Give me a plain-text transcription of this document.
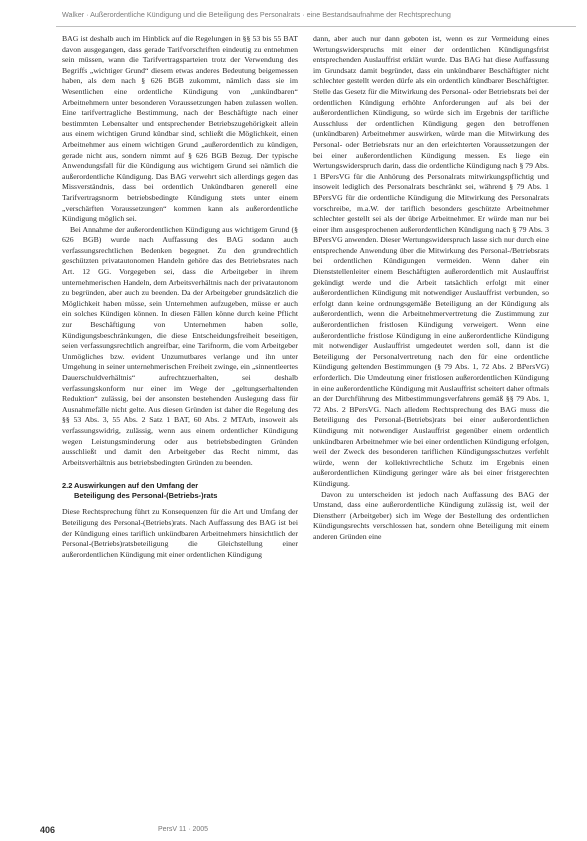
Walker · Außerordentliche Kündigung und die Beteiligung des Personalrats · eine Bestandsaufnahme der Rechtsprechung

BAG ist deshalb auch im Hinblick auf die Regelungen in §§ 53 bis 55 BAT davon ausgegangen, dass gerade Tarifvorschriften eindeutig zu entnehmen sein müssen, wann die Tarifvertragsparteien trotz der Verwendung des Begriffs „wichtiger Grund“ diesem etwas anderes Bedeutung beigemessen haben, als dem nach § 626 BGB zukommt, nämlich dass sie im Wesentlichen eine ordentliche Kündigung von „unkündbaren“ Arbeitnehmern unter besonderen Voraussetzungen haben zulassen wollen. Eine tarifvertragliche Bestimmung, nach der Beschäftigte nach einer bestimmten Lebensalter und entsprechender Betriebszugehörigkeit allein aus einem wichtigen Grund kündbar sind, schließt die Möglichkeit, einen Arbeitnehmer aus einem wichtigen Grund „außerordentlich zu kündigen, gerade nicht aus, sondern nimmt auf § 626 BGB Bezug. Der typische Anwendungsfall für die Kündigung aus wichtigem Grund sei nämlich die außerordentliche Kündigung. Das BAG verwehrt sich allerdings gegen das Missverständnis, dass bei ordentlich Unkündbaren generell eine Tarifvertragsnorm betriebsbedingte Kündigung stets unter einem „verschärften Voraussetzungen“ kommen kann als außerordentliche Kündigung möglich sei.

Bei Annahme der außerordentlichen Kündigung aus wichtigem Grund (§ 626 BGB) wurde nach Auffassung des BAG sodann auch verfassungsrechtlichen Bedenken begegnet. Zu den grundrechtlich geschützten privatautonomen Handeln gehöre das des Betriebsrates nach Art. 12 GG. Vorgegeben sei, dass die Arbeitgeber in ihrem unternehmerischen Handeln, dem Arbeitsverhältnis nach der privatautonom zu begründen, aber auch zu beenden. Da der Arbeitgeber grundsätzlich die Möglichkeit haben müsse, sein Unternehmen aufzugeben, müsse er auch ein solches Kündigen können. In diesen Fällen könne durch keine Pflicht zur Beschäftigung von Unternehmen haben solle, Kündigungsbeschränkungen, die diese Entscheidungsfreiheit beseitigen, seien verfassungsrechtlich angreifbar, eine Tarifnorm, die vom Arbeitgeber Unmögliches bzw. evident Unzumutbares verlange und ihn unter Umgehung in seiner unternehmerischen Freiheit zwinge, ein „sinnentleertes Dauerschuldverhältnis“ aufrechtzuerhalten, sei deshalb verfassungskonform nur einer im Wege der „geltungserhaltenden Reduktion“ zulässig, bei der ansonsten bestehenden Auslegung dass für Ausnahmefälle nicht gelte. Aus diesen Gründen ist daher die Regelung des §§ 53 Abs. 3, 55 Abs. 2 Satz 1 BAT, 60 Abs. 2 MTArb, insoweit als verfassungswidrig, zulässig, wenn aus einem ordentlicher Kündigung wegen Leistungsminderung oder aus betriebsbedingten Gründen ausschließt und damit den Arbeitgeber das Recht nimmt, das Arbeitsverhältnis aus betriebsbedingten Gründen zu beenden.

2.2 Auswirkungen auf den Umfang der
Beteiligung des Personal-(Betriebs-)rats

Diese Rechtsprechung führt zu Konsequenzen für die Art und Umfang der Beteiligung des Personal-(Betriebs)rats. Nach Auffassung des BAG ist bei der Kündigung eines tariflich unkündbaren Arbeitnehmers hinsichtlich der Personal-(Betriebs)ratsbeteiligung die Gleichstellung einer außerordentlichen Kündigung mit einer ordentlichen Kündigung

dann, aber auch nur dann geboten ist, wenn es zur Vermeidung eines Wertungswiderspruchs mit einer der ordentlichen Kündigungsfrist entsprechenden Auslauffrist erklärt wurde. Das BAG hat diese Auffassung im Grundsatz damit begründet, dass ein unkündbarer Beschäftigter nicht schlechter gestellt werden dürfe als ein ordentlich kündbarer Beschäftigter. Stelle das Gesetz für die Mitwirkung des Personal- oder Betriebsrats bei der ordentlichen Kündigung erhöhte Anforderungen auf als bei der außerordentlichen Kündigung, so würde sich im Ergebnis der tarifliche Ausschluss der ordentlichen Kündigung gegen den betroffenen (unkündbaren) Arbeitnehmer auswirken, würde man die Mitwirkung des Personal- oder Betriebsrats nur an den erleichterten Voraussetzungen der bei einer außerordentlichen Kündigung messen. Es liege ein Wertungswiderspruch darin, dass die ordentliche Kündigung nach § 79 Abs. 1 BPersVG für die Anhörung des Personalrats mitwirkungspflichtig und insoweit lediglich des Personalrats beschränkt sei, während § 79 Abs. 1 BPersVG für die ordentliche Kündigung die Mitwirkung des Personalrats vorschreibe, m.a.W. der tariflich besonders geschützte Arbeitnehmer schlechter gestellt sei als der übrige Arbeitnehmer. Er würde man nur bei einer ihm ausgesprochenen außerordentlichen Kündigung nach § 79 Abs. 3 BPersVG anwenden. Dieser Wertungswiderspruch lasse sich nur durch eine entsprechende Anwendung über die Mitwirkung des Personal-/Betriebsrats bei ordentlichen Kündigungen vermeiden. Wenn daher ein Dienststellenleiter einem Beschäftigten außerordentlich mit Auslauffrist gekündigt werde und die Arbeit tatsächlich erfolgt mit einer außerordentlichen Kündigung mit notwendiger Auslauffrist verbunden, so erfolgt dann keine ordnungsgemäße Beteiligung an der Kündigung als außerordentlich, wenn die Arbeitnehmervertretung die Zustimmung zur außerordentlichen fristlosen Kündigung verweigert. Wenn eine außerordentliche fristlose Kündigung in eine außerordentliche Kündigung mit notwendiger Auslauffrist umgedeutet werden soll, dann ist die Beteiligung der Personalvertretung nach den für eine ordentliche Kündigung geltenden Bestimmungen (§ 79 Abs. 1, 72 Abs. 2 BPersVG) erforderlich. Die Umdeutung einer fristlosen außerordentlichen Kündigung in eine außerordentliche Kündigung mit Auslauffrist scheitert daher oftmals an der Durchführung des Mitbestimmungsverfahrens gemäß §§ 79 Abs. 1, 72 Abs. 2 BPersVG. Nach alledem Rechtsprechung des BAG muss die Beteiligung des Personal-(Betriebs)rats bei einer außerordentlichen Kündigung mit notwendiger Auslauffrist gegenüber einem ordentlich unkündbaren Arbeitnehmer wie bei einer ordentlichen Kündigung erfolgen, weil der Zweck des besonderen tariflichen Kündigungsschutzes verfehlt würde, wenn der kollektivrechtliche Schutz im Ergebnis einen außerordentlichen Kündigung geringer wäre als bei einer fristgerechten Kündigung.

Davon zu unterscheiden ist jedoch nach Auffassung des BAG der Umstand, dass eine außerordentliche Kündigung zulässig ist, weil der Dienstherr (Arbeitgeber) sich im Wege der Bestellung des ordentlichen Kündigungsrechts verschlossen hat, sondern ohne Beteiligung mit einem anderen Gründen eine

406	PersV 11 · 2005
